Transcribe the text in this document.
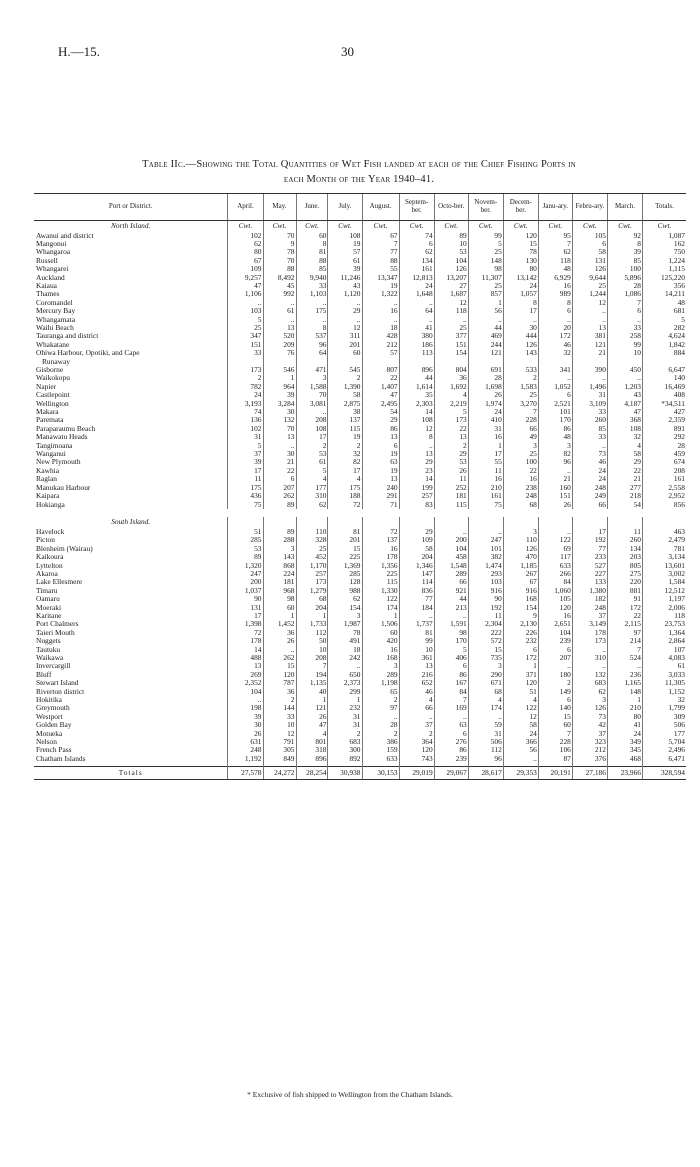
H.—15.	30
Table IIc.—Showing the Total Quantities of Wet Fish landed at each of the Chief Fishing Ports in
each Month of the Year 1940–41.
Port or District.	April.	May.	June.	July.	August.	Septem-ber.	Octo-ber.	Novem-ber.	Decem-ber.	Janu-ary.	Febru-ary.	March.	Totals.
North Island.	Cwt.	Cwt.	Cwt.	Cwt.	Cwt.	Cwt.	Cwt.	Cwt.	Cwt.	Cwt.	Cwt.	Cwt.	Cwt.
Awanui and district	102	70	60	108	67	74	89	99	120	95	105	92	1,087
Mangonui	62	9	8	19	7	6	10	5	15	7	6	8	162
Whangaroa	80	78	81	57	77	62	53	25	78	62	58	39	750
Russell	67	70	88	61	88	134	104	148	130	118	131	85	1,224
Whangarei	109	88	85	39	55	161	126	98	80	48	126	100	1,115
Auckland	9,257	8,492	9,940	11,246	13,347	12,813	13,207	11,307	13,142	6,929	9,644	5,896	125,220
Kaiaua	47	45	33	43	19	24	27	25	24	16	25	28	356
Thames	1,106	992	1,103	1,120	1,322	1,648	1,687	857	1,057	989	1,244	1,086	14,211
Coromandel	..	..	..	..	..	..	12	1	8	8	12	7	48
Mercury Bay	103	61	175	29	16	64	118	56	17	6	..	6	681
Whangamata	5	..	..	..	..	..	..	..	..	..	..	..	5
Waihi Beach	25	13	8	12	18	41	25	44	30	20	13	33	282
Tauranga and district	347	520	537	311	428	380	377	469	444	172	381	258	4,624
Whakatane	151	209	96	201	212	186	151	244	126	46	121	99	1,842
Ohiwa Harbour, Opotiki, and Cape	33	76	64	60	57	113	154	121	143	32	21	10	884
Runaway													
Gisborne	173	546	471	545	807	896	804	691	533	341	390	450	6,647
Waikokopu	2	1	3	2	22	44	36	28	2	..	..	..	140
Napier	782	964	1,588	1,390	1,407	1,614	1,692	1,698	1,583	1,052	1,496	1,203	16,469
Castlepoint	24	39	70	58	47	35	4	26	25	6	31	43	408
Wellington	3,193	3,284	3,081	2,875	2,495	2,303	2,219	1,974	3,270	2,521	3,109	4,187	*34,511
Makara	74	30	..	38	54	14	5	24	7	101	33	47	427
Paremata	136	132	208	137	29	108	173	410	228	170	260	368	2,359
Paraparaumu Beach	102	70	108	115	86	12	22	31	66	86	85	108	891
Manawatu Heads	31	13	17	19	13	8	13	16	49	48	33	32	292
Tangimoana	5	..	2	2	6	..	2	1	3	3	..	4	28
Wanganui	37	30	53	32	19	13	29	17	25	82	73	58	459
New Plymouth	39	21	61	82	63	29	53	55	100	96	46	29	674
Kawhia	17	22	5	17	19	23	26	11	22	..	24	22	208
Raglan	11	6	4	4	13	14	11	16	16	21	24	21	161
Manukau Harbour	175	207	177	175	240	199	252	210	238	160	248	277	2,558
Kaipara	436	262	310	188	291	257	181	161	248	151	249	218	2,952
Hokianga	75	89	62	72	71	83	115	75	68	26	66	54	856

South Island.													
Havelock	51	89	110	81	72	29	..	..	3	..	17	11	463
Picton	285	288	328	201	137	109	200	247	110	122	192	260	2,479
Blenheim (Wairau)	53	3	25	15	16	58	104	101	126	69	77	134	781
Kaikoura	89	143	452	225	178	204	458	382	470	117	233	203	3,134
Lyttelton	1,320	868	1,170	1,369	1,356	1,346	1,548	1,474	1,185	633	527	805	13,601
Akaroa	247	224	257	285	225	147	289	293	267	266	227	275	3,002
Lake Ellesmere	200	181	173	128	115	114	66	103	67	84	133	220	1,584
Timaru	1,037	968	1,279	988	1,330	836	921	916	916	1,060	1,380	881	12,512
Oamaru	90	98	68	62	122	77	44	90	168	105	182	91	1,197
Moeraki	131	60	204	154	174	184	213	192	154	120	248	172	2,006
Karitane	17	1	1	3	1	..	..	11	9	16	37	22	118
Port Chalmers	1,398	1,452	1,733	1,987	1,506	1,737	1,591	2,304	2,130	2,651	3,149	2,115	23,753
Taieri Mouth	72	36	112	78	60	81	98	222	226	104	178	97	1,364
Nuggets	178	26	50	491	420	99	170	572	232	239	173	214	2,864
Tautuku	14	..	10	18	16	10	5	15	6	6	..	7	107
Waikawa	488	262	208	242	168	361	406	735	172	207	310	524	4,083
Invercargill	13	15	7	..	3	13	6	3	1	..	..	..	61
Bluff	269	120	194	650	289	216	86	290	371	180	132	236	3,033
Stewart Island	2,352	787	1,135	2,373	1,198	652	167	671	120	2	683	1,165	11,305
Riverton district	104	36	40	299	65	46	84	68	51	149	62	148	1,152
Hokitika	..	2	1	1	2	4	7	4	4	6	3	1	32
Greymouth	198	144	121	232	97	66	169	174	122	140	126	210	1,799
Westport	39	33	26	31	..	..	..	..	12	15	73	80	309
Golden Bay	30	10	47	31	28	37	63	59	58	60	42	41	506
Motueka	26	12	4	2	2	2	6	31	24	7	37	24	177
Nelson	631	791	801	683	386	364	276	506	366	228	323	349	5,704
French Pass	248	305	318	300	159	120	86	112	56	106	212	345	2,496
Chatham Islands	1,192	849	896	892	633	743	239	96	..	87	376	468	6,471
Totals	27,578	24,272	28,254	30,938	30,153	29,019	29,067	28,617	29,353	20,191	27,186	23,966	328,594
* Exclusive of fish shipped to Wellington from the Chatham Islands.
